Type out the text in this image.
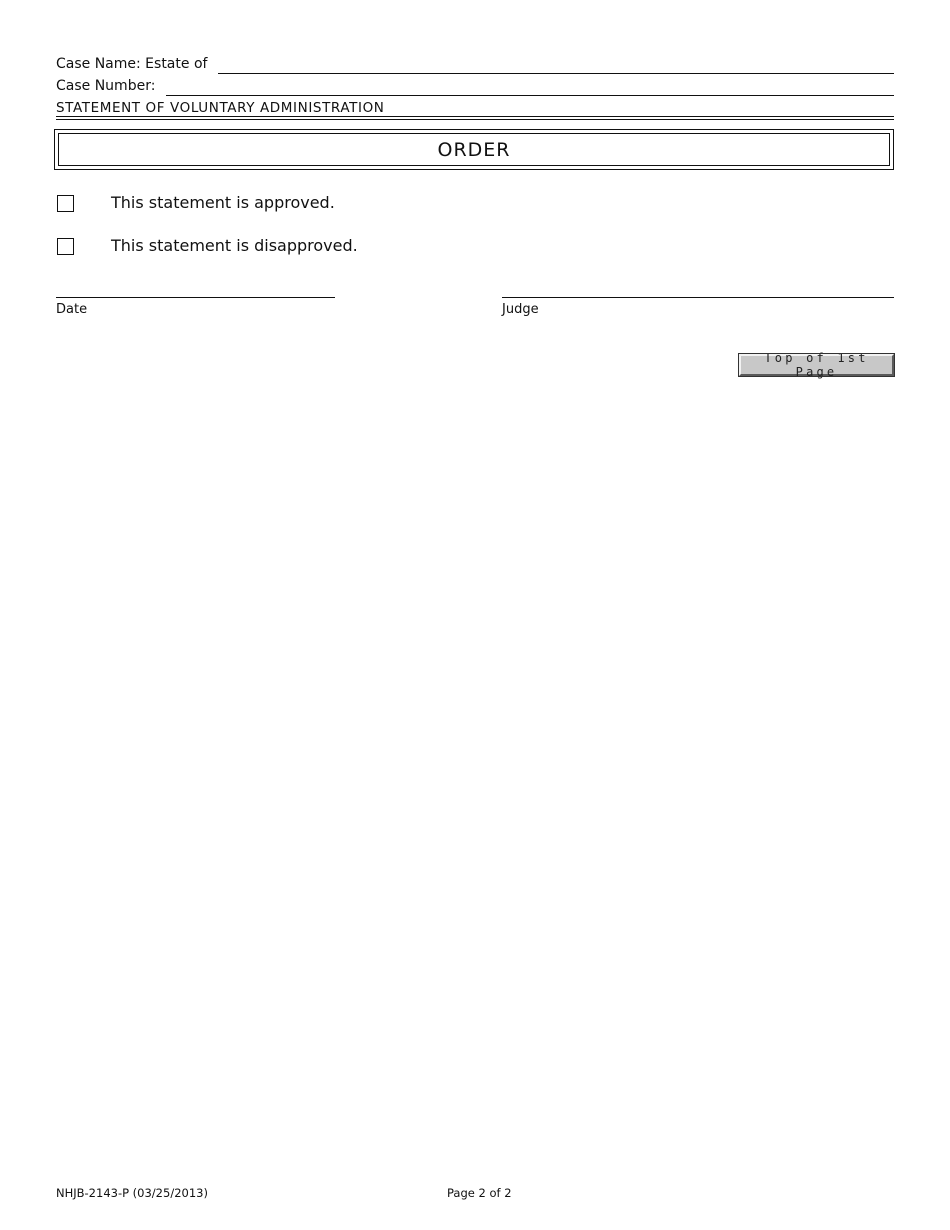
Case Name: Estate of
Case Number:
STATEMENT OF VOLUNTARY ADMINISTRATION
ORDER
This statement is approved.
This statement is disapproved.
Date	Judge
Top of 1st Page
NHJB-2143-P (03/25/2013)	Page 2 of 2
